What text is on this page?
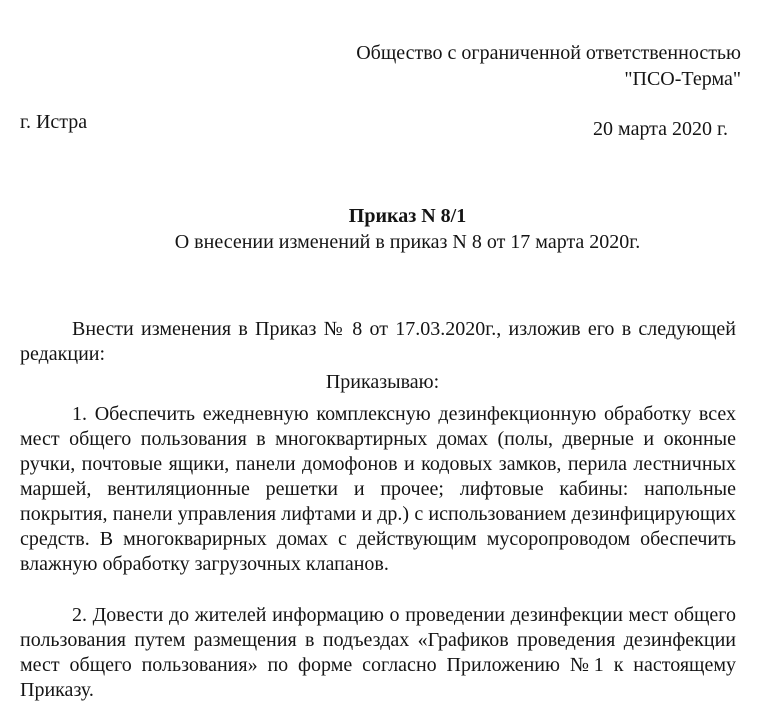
Общество с ограниченной ответственностью
"ПСО-Терма"
г. Истра	20 марта 2020 г.
Приказ N 8/1
О внесении изменений в приказ N 8 от 17 марта 2020г.

Внести изменения в Приказ № 8 от 17.03.2020г., изложив его в следующей редакции:

Приказываю:

1. Обеспечить ежедневную комплексную дезинфекционную обработку всех мест общего пользования в многоквартирных домах (полы, дверные и оконные ручки, почтовые ящики, панели домофонов и кодовых замков, перила лестничных маршей, вентиляционные решетки и прочее; лифтовые кабины: напольные покрытия, панели управления лифтами и др.) с использованием дезинфицирующих средств. В многокварирных домах с действующим мусоропроводом обеспечить влажную обработку загрузочных клапанов.

2. Довести до жителей информацию о проведении дезинфекции мест общего пользования путем размещения в подъездах «Графиков проведения дезинфекции мест общего пользования» по форме согласно Приложению №1 к настоящему Приказу.
